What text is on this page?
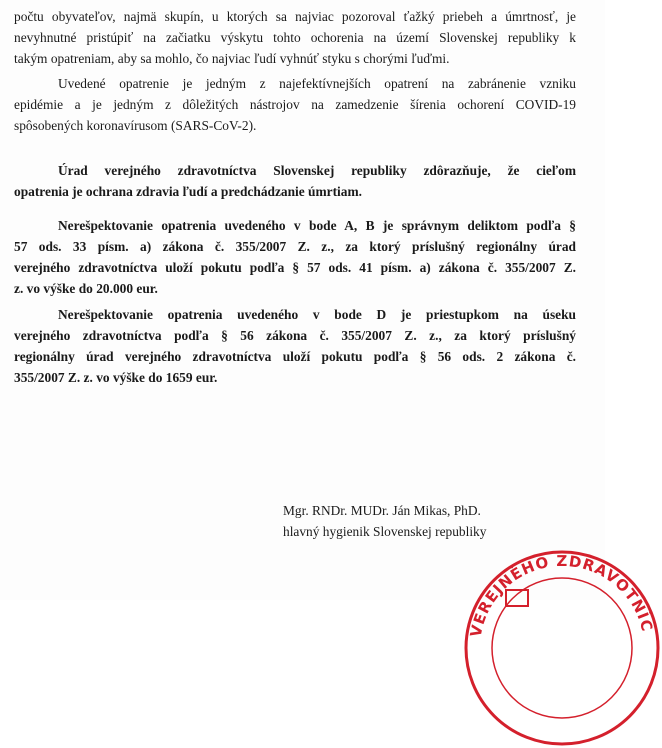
počtu obyvateľov, najmä skupín, u ktorých sa najviac pozoroval ťažký priebeh a úmrtnosť, je
nevyhnutné pristúpiť na začiatku výskytu tohto ochorenia na území Slovenskej republiky k
takým opatreniam, aby sa mohlo, čo najviac ľudí vyhnúť styku s chorými ľuďmi.

Uvedené opatrenie je jedným z najefektívnejších opatrení na zabránenie vzniku
epidémie a je jedným z dôležitých nástrojov na zamedzenie šírenia ochorení COVID-19
spôsobených koronavírusom (SARS-CoV-2).

Úrad verejného zdravotníctva Slovenskej republiky zdôrazňuje, že cieľom
opatrenia je ochrana zdravia ľudí a predchádzanie úmrtiam.

Nerešpektovanie opatrenia uvedeného v bode A, B je správnym deliktom podľa §
57 ods. 33 písm. a) zákona č. 355/2007 Z. z., za ktorý príslušný regionálny úrad
verejného zdravotníctva uloží pokutu podľa § 57 ods. 41 písm. a) zákona č. 355/2007 Z.
z. vo výške do 20.000 eur.

Nerešpektovanie opatrenia uvedeného v bode D je priestupkom na úseku
verejného zdravotníctva podľa § 56 zákona č. 355/2007 Z. z., za ktorý príslušný
regionálny úrad verejného zdravotníctva uloží pokutu podľa § 56 ods. 2 zákona č.
355/2007 Z. z. vo výške do 1659 eur.

Mgr. RNDr. MUDr. Ján Mikas, PhD.
hlavný hygienik Slovenskej republiky
VEREJNÉHO ZDRAVOTNÍC
